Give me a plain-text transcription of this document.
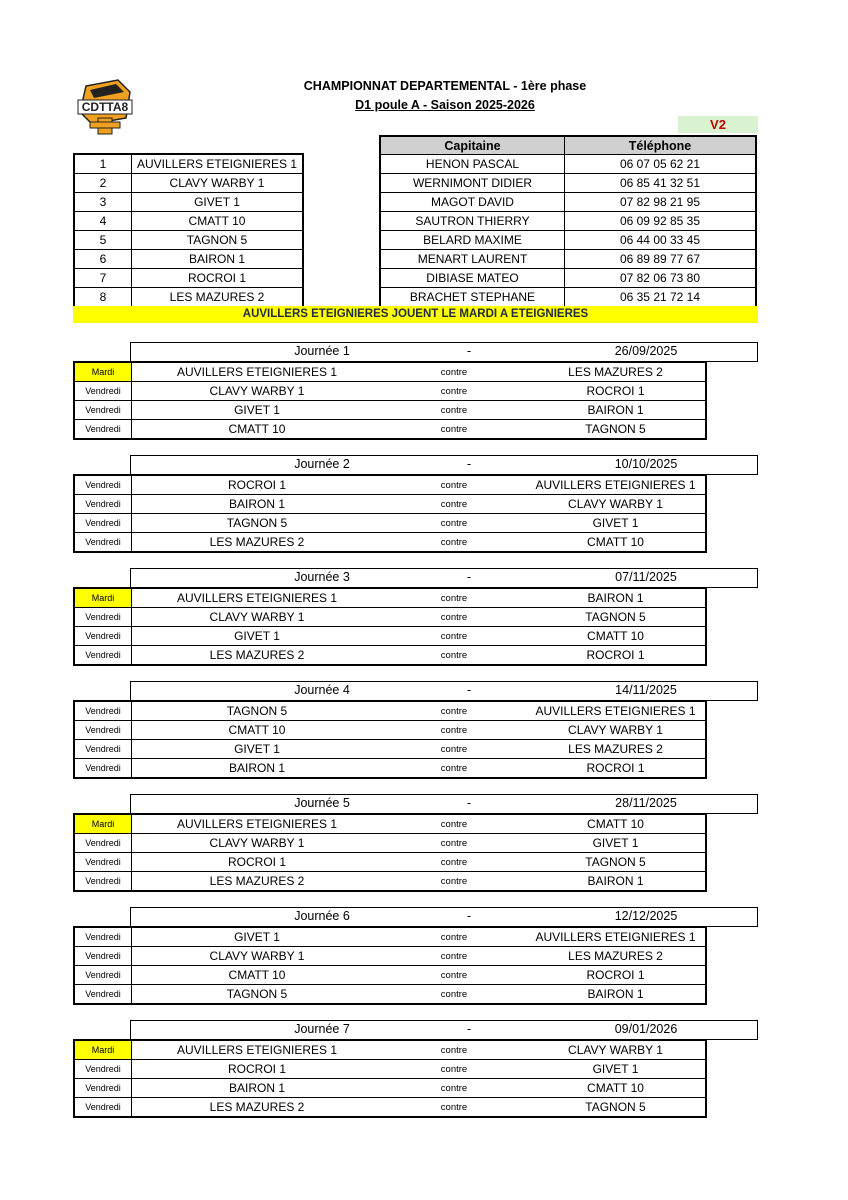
CDTTA8
CHAMPIONNAT DEPARTEMENTAL - 1ère phase
D1 poule A - Saison 2025-2026
V2
1	AUVILLERS ETEIGNIERES 1
2	CLAVY WARBY 1
3	GIVET 1
4	CMATT 10
5	TAGNON 5
6	BAIRON 1
7	ROCROI 1
8	LES MAZURES 2
Capitaine	Téléphone
HENON PASCAL	06 07 05 62 21
WERNIMONT DIDIER	06 85 41 32 51
MAGOT DAVID	07 82 98 21 95
SAUTRON THIERRY	06 09 92 85 35
BELARD MAXIME	06 44 00 33 45
MENART LAURENT	06 89 89 77 67
DIBIASE MATEO	07 82 06 73 80
BRACHET STEPHANE	06 35 21 72 14
AUVILLERS ETEIGNIERES JOUENT LE MARDI A ETEIGNIERES
Journée 1	-	26/09/2025
Mardi	AUVILLERS ETEIGNIERES 1	contre	LES MAZURES 2
Vendredi	CLAVY WARBY 1	contre	ROCROI 1
Vendredi	GIVET 1	contre	BAIRON 1
Vendredi	CMATT 10	contre	TAGNON 5
Journée 2	-	10/10/2025
Vendredi	ROCROI 1	contre	AUVILLERS ETEIGNIERES 1
Vendredi	BAIRON 1	contre	CLAVY WARBY 1
Vendredi	TAGNON 5	contre	GIVET 1
Vendredi	LES MAZURES 2	contre	CMATT 10
Journée 3	-	07/11/2025
Mardi	AUVILLERS ETEIGNIERES 1	contre	BAIRON 1
Vendredi	CLAVY WARBY 1	contre	TAGNON 5
Vendredi	GIVET 1	contre	CMATT 10
Vendredi	LES MAZURES 2	contre	ROCROI 1
Journée 4	-	14/11/2025
Vendredi	TAGNON 5	contre	AUVILLERS ETEIGNIERES 1
Vendredi	CMATT 10	contre	CLAVY WARBY 1
Vendredi	GIVET 1	contre	LES MAZURES 2
Vendredi	BAIRON 1	contre	ROCROI 1
Journée 5	-	28/11/2025
Mardi	AUVILLERS ETEIGNIERES 1	contre	CMATT 10
Vendredi	CLAVY WARBY 1	contre	GIVET 1
Vendredi	ROCROI 1	contre	TAGNON 5
Vendredi	LES MAZURES 2	contre	BAIRON 1
Journée 6	-	12/12/2025
Vendredi	GIVET 1	contre	AUVILLERS ETEIGNIERES 1
Vendredi	CLAVY WARBY 1	contre	LES MAZURES 2
Vendredi	CMATT 10	contre	ROCROI 1
Vendredi	TAGNON 5	contre	BAIRON 1
Journée 7	-	09/01/2026
Mardi	AUVILLERS ETEIGNIERES 1	contre	CLAVY WARBY 1
Vendredi	ROCROI 1	contre	GIVET 1
Vendredi	BAIRON 1	contre	CMATT 10
Vendredi	LES MAZURES 2	contre	TAGNON 5
